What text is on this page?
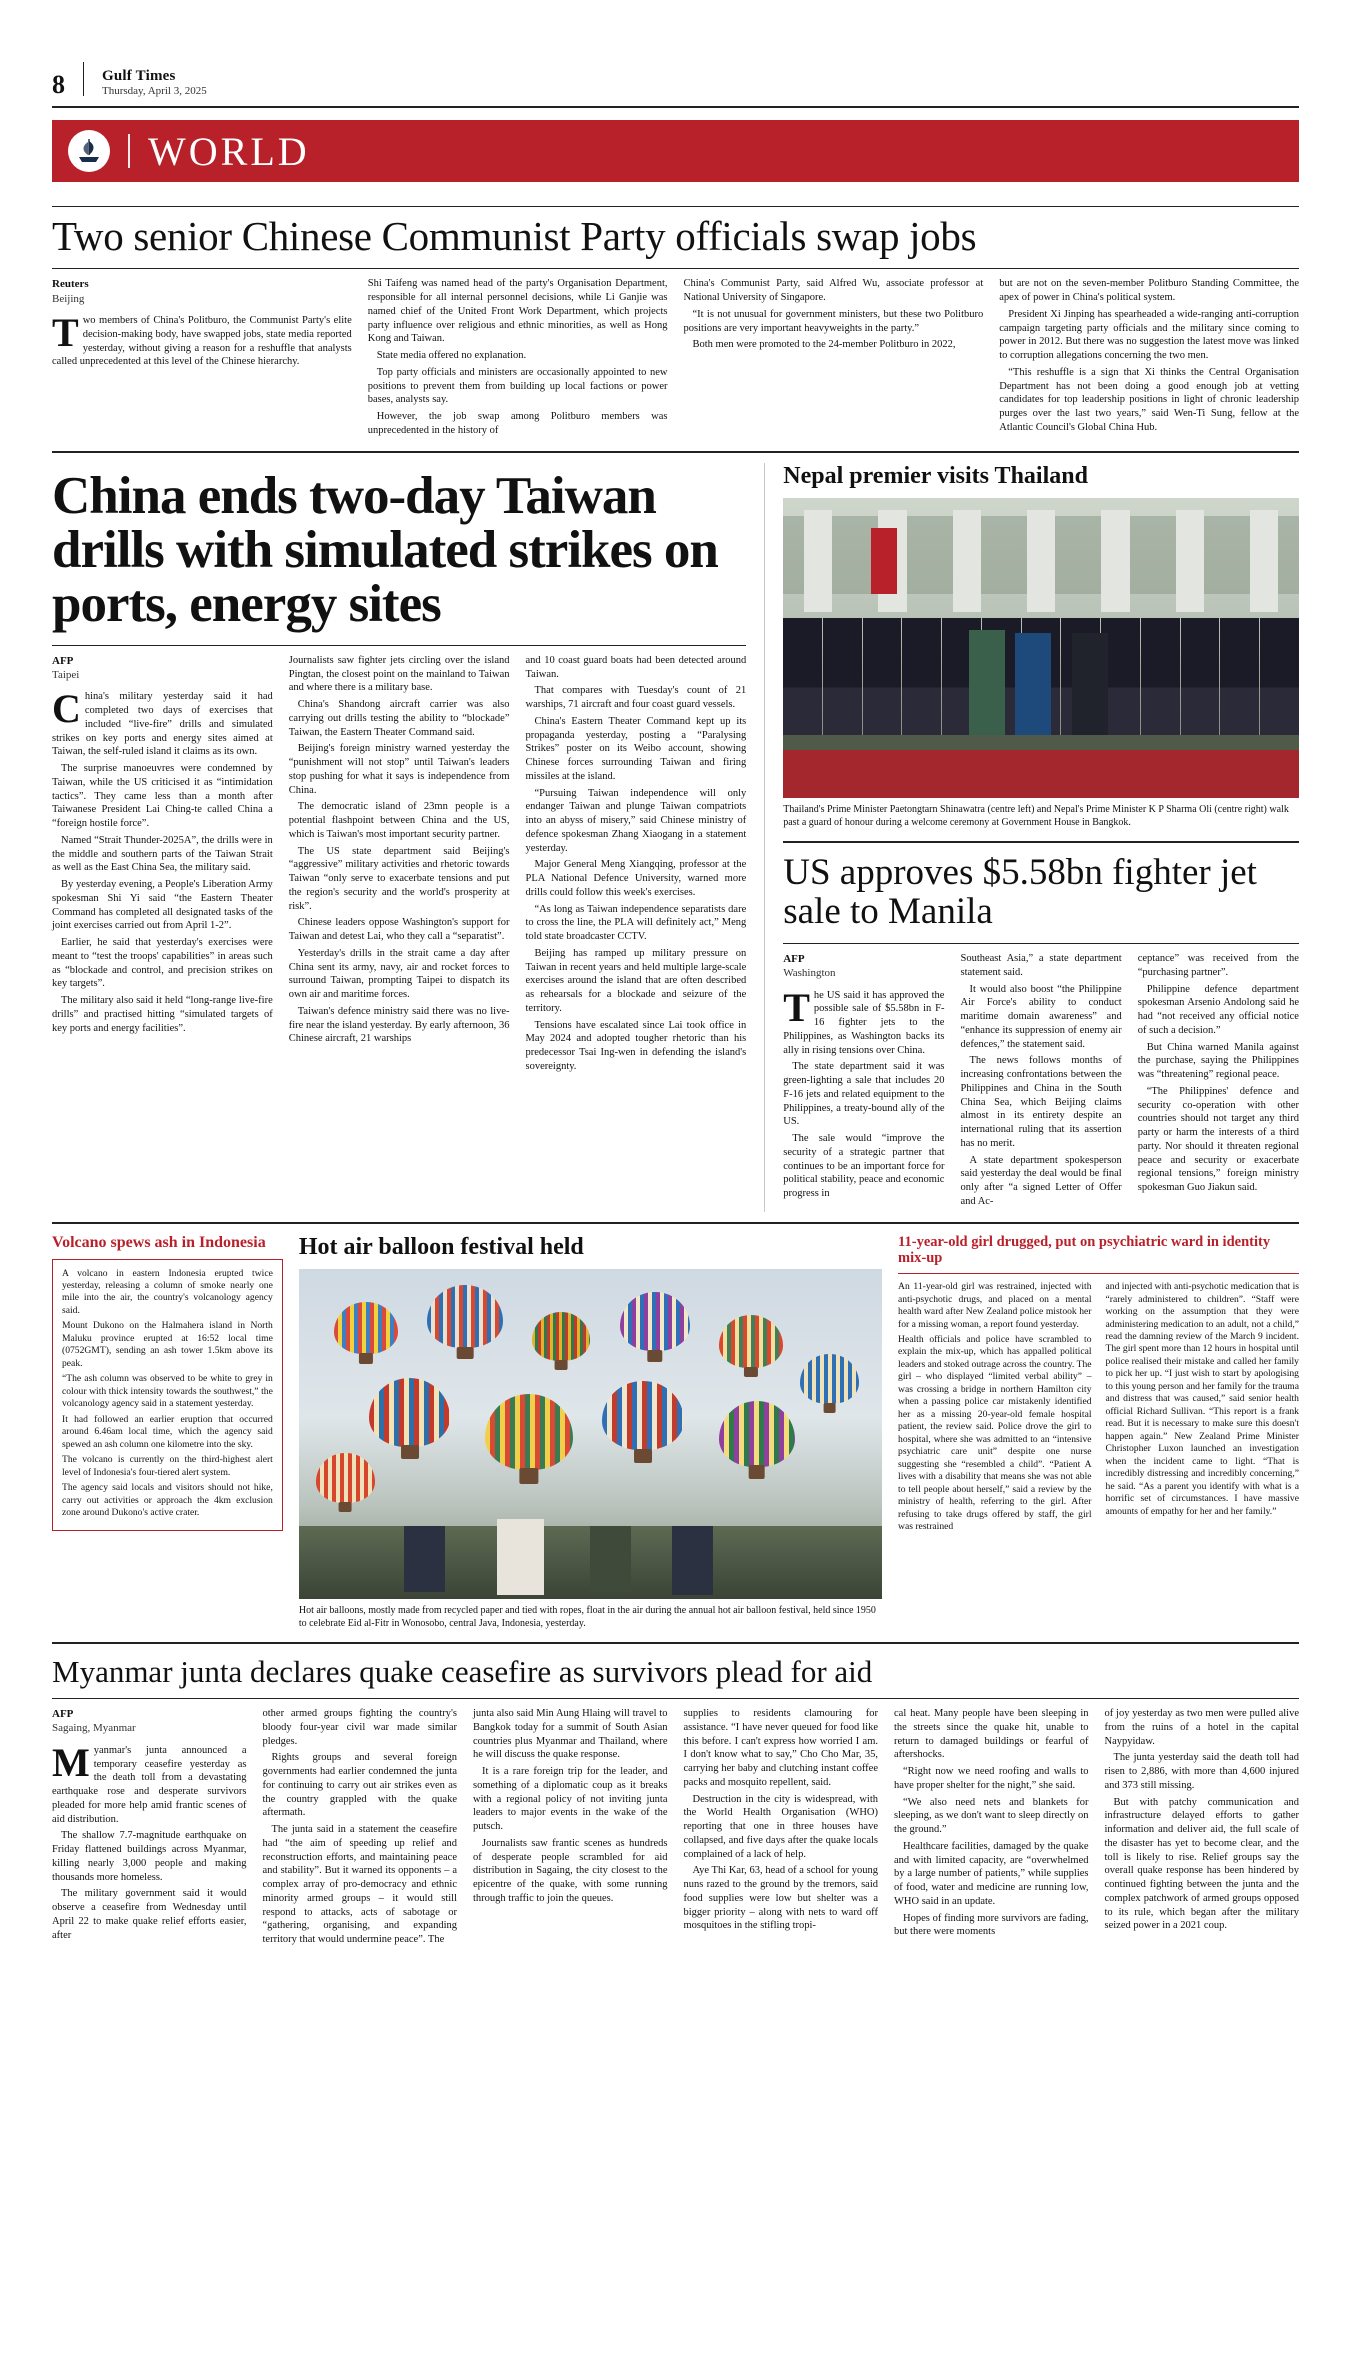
8 Gulf Times
Thursday, April 3, 2025
WORLD
Two senior Chinese Communist Party officials swap jobs
Reuters
Beijing

Two members of China's Politburo, the Communist Party's elite decision-making body, have swapped jobs, state media reported yesterday, without giving a reason for a reshuffle that analysts called unprecedented at this level of the Chinese hierarchy.

Shi Taifeng was named head of the party's Organisation Department, responsible for all internal personnel decisions, while Li Ganjie was named chief of the United Front Work Department, which projects party influence over religious and ethnic minorities, as well as Hong Kong and Taiwan.

State media offered no explanation.

Top party officials and ministers are occasionally appointed to new positions to prevent them from building up local factions or power bases, analysts say.

However, the job swap among Politburo members was unprecedented in the history of

China's Communist Party, said Alfred Wu, associate professor at National University of Singapore.

“It is not unusual for government ministers, but these two Politburo positions are very important heavyweights in the party.”

Both men were promoted to the 24-member Politburo in 2022,

but are not on the seven-member Politburo Standing Committee, the apex of power in China's political system.

President Xi Jinping has spearheaded a wide-ranging anti-corruption campaign targeting party officials and the military since coming to power in 2012. But there was no suggestion the latest move was linked to corruption allegations concerning the two men.

“This reshuffle is a sign that Xi thinks the Central Organisation Department has not been doing a good enough job at vetting candidates for top leadership positions in light of chronic leadership purges over the last two years,” said Wen-Ti Sung, fellow at the Atlantic Council's Global China Hub.

China ends two-day Taiwan drills with simulated strikes on ports, energy sites
AFP
Taipei

China's military yesterday said it had completed two days of exercises that included “live-fire” drills and simulated strikes on key ports and energy sites aimed at Taiwan, the self-ruled island it claims as its own.

The surprise manoeuvres were condemned by Taiwan, while the US criticised it as “intimidation tactics”. They came less than a month after Taiwanese President Lai Ching-te called China a “foreign hostile force”.

Named “Strait Thunder-2025A”, the drills were in the middle and southern parts of the Taiwan Strait as well as the East China Sea, the military said.

By yesterday evening, a People's Liberation Army spokesman Shi Yi said “the Eastern Theater Command has completed all designated tasks of the joint exercises carried out from April 1-2”.

Earlier, he said that yesterday's exercises were meant to “test the troops' capabilities” in areas such as “blockade and control, and precision strikes on key targets”.

The military also said it held “long-range live-fire drills” and practised hitting “simulated targets of key ports and energy facilities”.

Journalists saw fighter jets circling over the island Pingtan, the closest point on the mainland to Taiwan and where there is a military base.

China's Shandong aircraft carrier was also carrying out drills testing the ability to “blockade” Taiwan, the Eastern Theater Command said.

Beijing's foreign ministry warned yesterday the “punishment will not stop” until Taiwan's leaders stop pushing for what it says is independence from China.

The democratic island of 23mn people is a potential flashpoint between China and the US, which is Taiwan's most important security partner.

The US state department said Beijing's “aggressive” military activities and rhetoric towards Taiwan “only serve to exacerbate tensions and put the region's security and the world's prosperity at risk”.

Chinese leaders oppose Washington's support for Taiwan and detest Lai, who they call a “separatist”.

Yesterday's drills in the strait came a day after China sent its army, navy, air and rocket forces to surround Taiwan, prompting Taipei to dispatch its own air and maritime forces.

Taiwan's defence ministry said there was no live-fire near the island yesterday. By early afternoon, 36 Chinese aircraft, 21 warships

and 10 coast guard boats had been detected around Taiwan.

That compares with Tuesday's count of 21 warships, 71 aircraft and four coast guard vessels.

China's Eastern Theater Command kept up its propaganda yesterday, posting a “Paralysing Strikes” poster on its Weibo account, showing Chinese forces surrounding Taiwan and firing missiles at the island.

“Pursuing Taiwan independence will only endanger Taiwan and plunge Taiwan compatriots into an abyss of misery,” said Chinese ministry of defence spokesman Zhang Xiaogang in a statement yesterday.

Major General Meng Xiangqing, professor at the PLA National Defence University, warned more drills could follow this week's exercises.

“As long as Taiwan independence separatists dare to cross the line, the PLA will definitely act,” Meng told state broadcaster CCTV.

Beijing has ramped up military pressure on Taiwan in recent years and held multiple large-scale exercises around the island that are often described as rehearsals for a blockade and seizure of the territory.

Tensions have escalated since Lai took office in May 2024 and adopted tougher rhetoric than his predecessor Tsai Ing-wen in defending the island's sovereignty.

Nepal premier visits Thailand
Thailand's Prime Minister Paetongtarn Shinawatra (centre left) and Nepal's Prime Minister K P Sharma Oli (centre right) walk past a guard of honour during a welcome ceremony at Government House in Bangkok.
US approves $5.58bn fighter jet sale to Manila
AFP
Washington

The US said it has approved the possible sale of $5.58bn in F-16 fighter jets to the Philippines, as Washington backs its ally in rising tensions over China.

The state department said it was green-lighting a sale that includes 20 F-16 jets and related equipment to the Philippines, a treaty-bound ally of the US.

The sale would “improve the security of a strategic partner that continues to be an important force for political stability, peace and economic progress in

Southeast Asia,” a state department statement said.

It would also boost “the Philippine Air Force's ability to conduct maritime domain awareness” and “enhance its suppression of enemy air defences,” the statement said.

The news follows months of increasing confrontations between the Philippines and China in the South China Sea, which Beijing claims almost in its entirety despite an international ruling that its assertion has no merit.

A state department spokesperson said yesterday the deal would be final only after “a signed Letter of Offer and Ac-

ceptance” was received from the “purchasing partner”.

Philippine defence department spokesman Arsenio Andolong said he had “not received any official notice of such a decision.”

But China warned Manila against the purchase, saying the Philippines was “threatening” regional peace.

“The Philippines' defence and security co-operation with other countries should not target any third party or harm the interests of a third party. Nor should it threaten regional peace and security or exacerbate regional tensions,” foreign ministry spokesman Guo Jiakun said.

Volcano spews ash in Indonesia

A volcano in eastern Indonesia erupted twice yesterday, releasing a column of smoke nearly one mile into the air, the country's volcanology agency said.

Mount Dukono on the Halmahera island in North Maluku province erupted at 16:52 local time (0752GMT), sending an ash tower 1.5km above its peak.

“The ash column was observed to be white to grey in colour with thick intensity towards the southwest,” the volcanology agency said in a statement yesterday.

It had followed an earlier eruption that occurred around 6.46am local time, which the agency said spewed an ash column one kilometre into the sky.

The volcano is currently on the third-highest alert level of Indonesia's four-tiered alert system.

The agency said locals and visitors should not hike, carry out activities or approach the 4km exclusion zone around Dukono's active crater.

Hot air balloon festival held
Hot air balloons, mostly made from recycled paper and tied with ropes, float in the air during the annual hot air balloon festival, held since 1950 to celebrate Eid al-Fitr in Wonosobo, central Java, Indonesia, yesterday.
11-year-old girl drugged, put on psychiatric ward in identity mix-up

An 11-year-old girl was restrained, injected with anti-psychotic drugs, and placed on a mental health ward after New Zealand police mistook her for a missing woman, a report found yesterday.

Health officials and police have scrambled to explain the mix-up, which has appalled political leaders and stoked outrage across the country. The girl – who displayed “limited verbal ability” – was crossing a bridge in northern Hamilton city when a passing police car mistakenly identified her as a missing 20-year-old female hospital patient, the review said. Police drove the girl to hospital, where she was admitted to an “intensive psychiatric care unit” despite one nurse suggesting she “resembled a child”. “Patient A lives with a disability that means she was not able to tell people about herself,” said a review by the ministry of health, referring to the girl. After refusing to take drugs offered by staff, the girl was restrained

and injected with anti-psychotic medication that is “rarely administered to children”. “Staff were working on the assumption that they were administering medication to an adult, not a child,” read the damning review of the March 9 incident. The girl spent more than 12 hours in hospital until police realised their mistake and called her family to pick her up. “I just wish to start by apologising to this young person and her family for the trauma and distress that was caused,” said senior health official Richard Sullivan. “This report is a frank read. But it is necessary to make sure this doesn't happen again.” New Zealand Prime Minister Christopher Luxon launched an investigation when the incident came to light. “That is incredibly distressing and incredibly concerning,” he said. “As a parent you identify with what is a horrific set of circumstances. I have massive amounts of empathy for her and her family.”

Myanmar junta declares quake ceasefire as survivors plead for aid
AFP
Sagaing, Myanmar

Myanmar's junta announced a temporary ceasefire yesterday as the death toll from a devastating earthquake rose and desperate survivors pleaded for more help amid frantic scenes of aid distribution.

The shallow 7.7-magnitude earthquake on Friday flattened buildings across Myanmar, killing nearly 3,000 people and making thousands more homeless.

The military government said it would observe a ceasefire from Wednesday until April 22 to make quake relief efforts easier, after

other armed groups fighting the country's bloody four-year civil war made similar pledges.

Rights groups and several foreign governments had earlier condemned the junta for continuing to carry out air strikes even as the country grappled with the quake aftermath.

The junta said in a statement the ceasefire had “the aim of speeding up relief and reconstruction efforts, and maintaining peace and stability”. But it warned its opponents – a complex array of pro-democracy and ethnic minority armed groups – it would still respond to attacks, acts of sabotage or “gathering, organising, and expanding territory that would undermine peace”. The

junta also said Min Aung Hlaing will travel to Bangkok today for a summit of South Asian countries plus Myanmar and Thailand, where he will discuss the quake response.

It is a rare foreign trip for the leader, and something of a diplomatic coup as it breaks with a regional policy of not inviting junta leaders to major events in the wake of the putsch.

Journalists saw frantic scenes as hundreds of desperate people scrambled for aid distribution in Sagaing, the city closest to the epicentre of the quake, with some running through traffic to join the queues.

supplies to residents clamouring for assistance. “I have never queued for food like this before. I can't express how worried I am. I don't know what to say,” Cho Cho Mar, 35, carrying her baby and clutching instant coffee packs and mosquito repellent, said.

Destruction in the city is widespread, with the World Health Organisation (WHO) reporting that one in three houses have collapsed, and five days after the quake locals complained of a lack of help.

Aye Thi Kar, 63, head of a school for young nuns razed to the ground by the tremors, said food supplies were low but shelter was a bigger priority – along with nets to ward off mosquitoes in the stifling tropi-

cal heat. Many people have been sleeping in the streets since the quake hit, unable to return to damaged buildings or fearful of aftershocks.

“Right now we need roofing and walls to have proper shelter for the night,” she said.

“We also need nets and blankets for sleeping, as we don't want to sleep directly on the ground.”

Healthcare facilities, damaged by the quake and with limited capacity, are “overwhelmed by a large number of patients,” while supplies of food, water and medicine are running low, WHO said in an update.

Hopes of finding more survivors are fading, but there were moments

of joy yesterday as two men were pulled alive from the ruins of a hotel in the capital Naypyidaw.

The junta yesterday said the death toll had risen to 2,886, with more than 4,600 injured and 373 still missing.

But with patchy communication and infrastructure delayed efforts to gather information and deliver aid, the full scale of the disaster has yet to become clear, and the toll is likely to rise. Relief groups say the overall quake response has been hindered by continued fighting between the junta and the complex patchwork of armed groups opposed to its rule, which began after the military seized power in a 2021 coup.
